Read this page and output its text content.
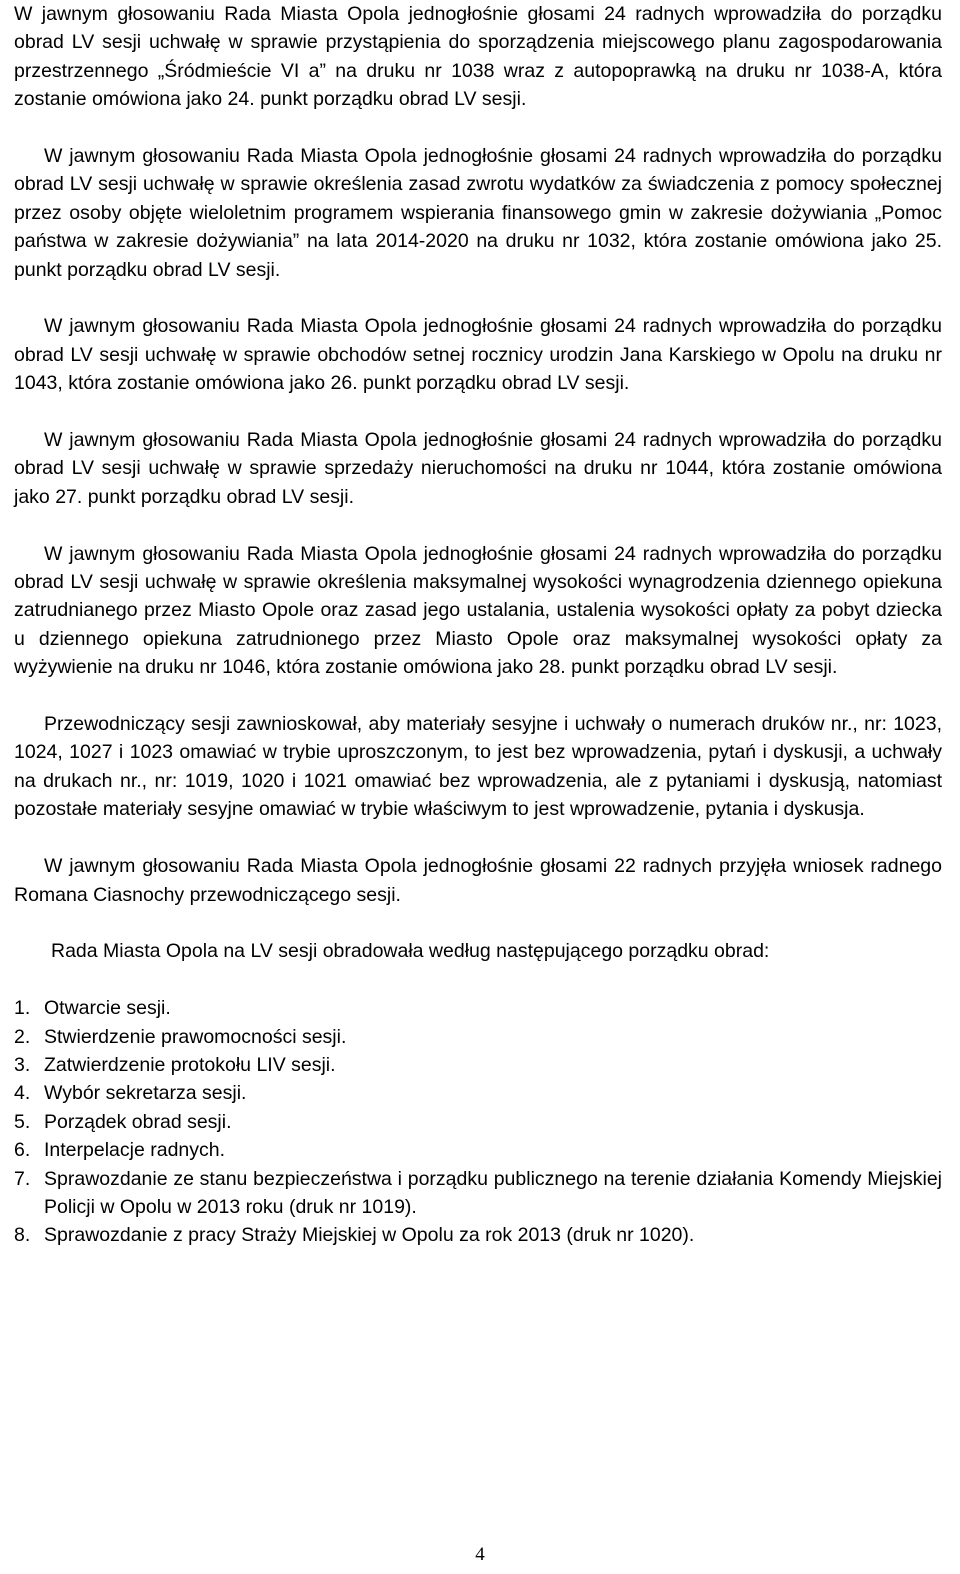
W jawnym głosowaniu Rada Miasta Opola jednogłośnie głosami 24 radnych wprowadziła do porządku obrad LV sesji uchwałę w sprawie przystąpienia do sporządzenia miejscowego planu zagospodarowania przestrzennego „Śródmieście VI a” na druku nr 1038 wraz z autopoprawką na druku nr 1038-A, która zostanie omówiona jako 24. punkt porządku obrad LV sesji.

W jawnym głosowaniu Rada Miasta Opola jednogłośnie głosami 24 radnych wprowadziła do porządku obrad LV sesji uchwałę w sprawie określenia zasad zwrotu wydatków za świadczenia z pomocy społecznej przez osoby objęte wieloletnim programem wspierania finansowego gmin w zakresie dożywiania „Pomoc państwa w zakresie dożywiania” na lata 2014-2020 na druku nr 1032, która zostanie omówiona jako 25. punkt porządku obrad LV sesji.

W jawnym głosowaniu Rada Miasta Opola jednogłośnie głosami 24 radnych wprowadziła do porządku obrad LV sesji uchwałę w sprawie obchodów setnej rocznicy urodzin Jana Karskiego w Opolu na druku nr 1043, która zostanie omówiona jako 26. punkt porządku obrad LV sesji.

W jawnym głosowaniu Rada Miasta Opola jednogłośnie głosami 24 radnych wprowadziła do porządku obrad LV sesji uchwałę w sprawie sprzedaży nieruchomości na druku nr 1044, która zostanie omówiona jako 27. punkt porządku obrad LV sesji.

W jawnym głosowaniu Rada Miasta Opola jednogłośnie głosami 24 radnych wprowadziła do porządku obrad LV sesji uchwałę w sprawie określenia maksymalnej wysokości wynagrodzenia dziennego opiekuna zatrudnianego przez Miasto Opole oraz zasad jego ustalania, ustalenia wysokości opłaty za pobyt dziecka u dziennego opiekuna zatrudnionego przez Miasto Opole oraz maksymalnej wysokości opłaty za wyżywienie na druku nr 1046, która zostanie omówiona jako 28. punkt porządku obrad LV sesji.

Przewodniczący sesji zawnioskował, aby materiały sesyjne i uchwały o numerach druków nr., nr: 1023, 1024, 1027 i 1023 omawiać w trybie uproszczonym, to jest bez wprowadzenia, pytań i dyskusji, a uchwały na drukach nr., nr: 1019, 1020 i 1021 omawiać bez wprowadzenia, ale z pytaniami i dyskusją, natomiast pozostałe materiały sesyjne omawiać w trybie właściwym to jest wprowadzenie, pytania i dyskusja.

W jawnym głosowaniu Rada Miasta Opola jednogłośnie głosami 22 radnych przyjęła wniosek radnego Romana Ciasnochy przewodniczącego sesji.

Rada Miasta Opola na LV sesji obradowała według następującego porządku obrad:

1. Otwarcie sesji.
2. Stwierdzenie prawomocności sesji.
3. Zatwierdzenie protokołu LIV sesji.
4. Wybór sekretarza sesji.
5. Porządek obrad sesji.
6. Interpelacje radnych.
7. Sprawozdanie ze stanu bezpieczeństwa i porządku publicznego na terenie działania Komendy Miejskiej Policji w Opolu w 2013 roku (druk nr 1019).
8. Sprawozdanie z pracy Straży Miejskiej w Opolu za rok 2013 (druk nr 1020).
4
